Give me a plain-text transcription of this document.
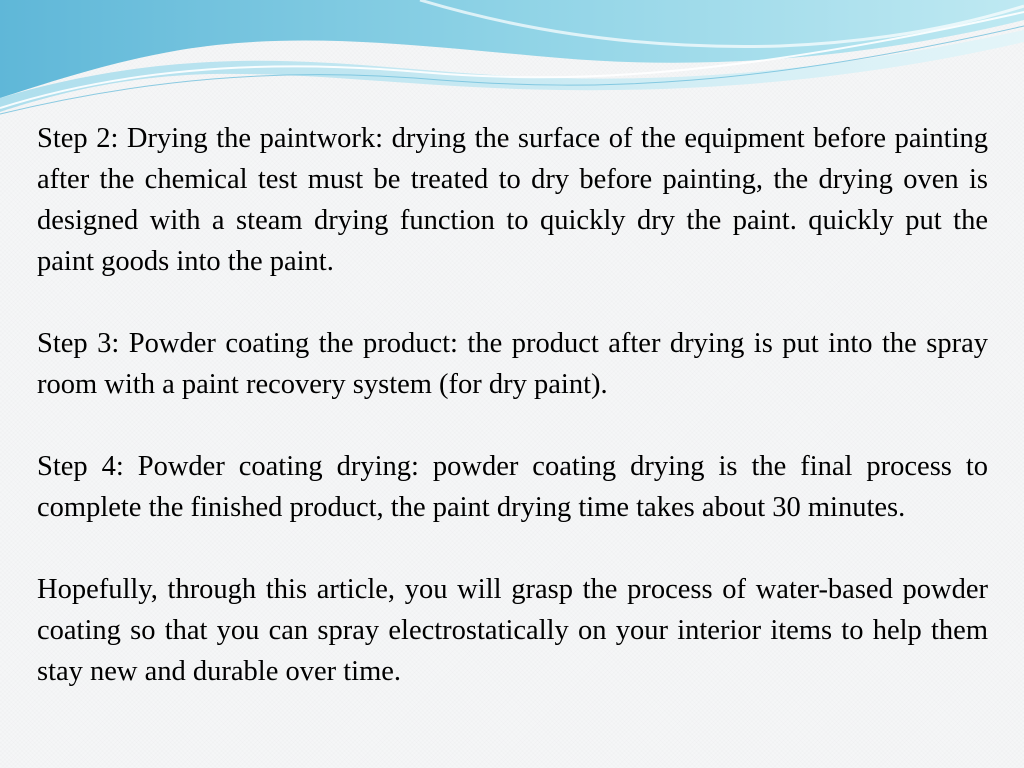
Step 2: Drying the paintwork: drying the surface of the equipment before painting after the chemical test must be treated to dry before painting, the drying oven is designed with a steam drying function to quickly dry the paint. quickly put the paint goods into the paint.

Step 3: Powder coating the product: the product after drying is put into the spray room with a paint recovery system (for dry paint).

Step 4: Powder coating drying: powder coating drying is the final process to complete the finished product, the paint drying time takes about 30 minutes.

Hopefully, through this article, you will grasp the process of water-based powder coating so that you can spray electrostatically on your interior items to help them stay new and durable over time.
